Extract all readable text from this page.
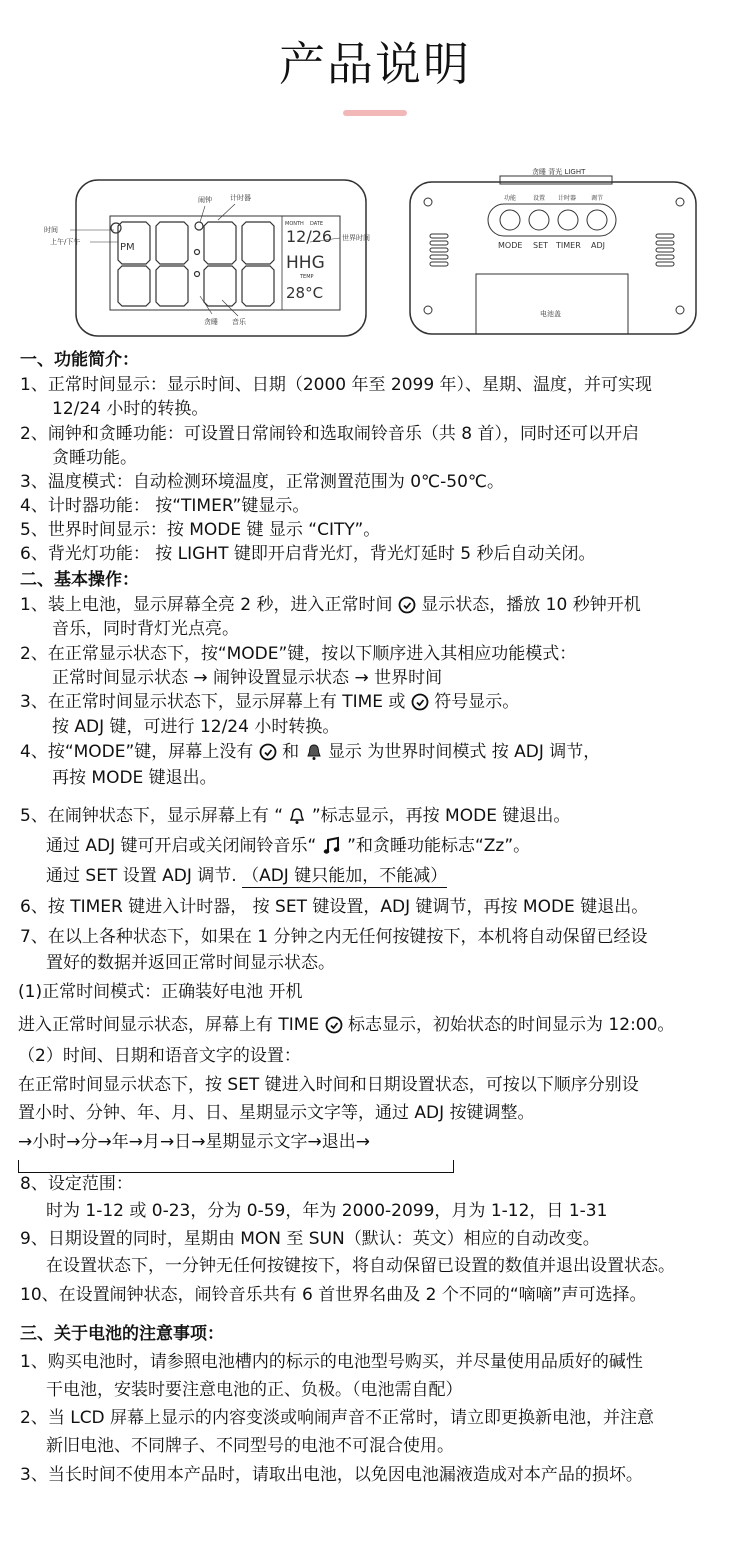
产品说明
PM
MONTH DATE
12/26
HHG
TEMP
28°C
闹钟	计时器
时间
上午/下午	世界时间
贪睡 音乐
贪睡 背光 LIGHT
功能	设置 计时器 调节
MODE SET TIMER ADJ
电池盖
一、功能简介：
1、正常时间显示：显示时间、日期（2000 年至 2099 年）、星期、温度，并可实现
12/24 小时的转换。
2、闹钟和贪睡功能：可设置日常闹铃和选取闹铃音乐（共 8 首），同时还可以开启
贪睡功能。
3、温度模式：自动检测环境温度，正常测置范围为 0℃-50℃。
4、计时器功能： 按“TIMER”键显示。
5、世界时间显示：按 MODE 键 显示 “CITY”。
6、背光灯功能： 按 LIGHT 键即开启背光灯，背光灯延时 5 秒后自动关闭。
二、基本操作：
1、装上电池，显示屏幕全亮 2 秒，进入正常时间 显示状态，播放 10 秒钟开机
音乐，同时背灯光点亮。
2、在正常显示状态下，按“MODE”键，按以下顺序进入其相应功能模式：
正常时间显示状态 → 闹钟设置显示状态 → 世界时间
3、在正常时间显示状态下，显示屏幕上有 TIME 或 符号显示。
按 ADJ 键，可进行 12/24 小时转换。
4、按“MODE”键，屏幕上没有 和 显示 为世界时间模式 按 ADJ 调节，
再按 MODE 键退出。
5、在闹钟状态下，显示屏幕上有 “ ”标志显示，再按 MODE 键退出。
通过 ADJ 键可开启或关闭闹铃音乐“ ”和贪睡功能标志“Zz”。
通过 SET 设置 ADJ 调节. （ADJ 键只能加，不能减）
6、按 TIMER 键进入计时器， 按 SET 键设置，ADJ 键调节，再按 MODE 键退出。
7、在以上各种状态下，如果在 1 分钟之内无任何按键按下，本机将自动保留已经设
置好的数据并返回正常时间显示状态。
(1)正常时间模式：正确装好电池 开机
进入正常时间显示状态，屏幕上有 TIME 标志显示，初始状态的时间显示为 12:00。
（2）时间、日期和语音文字的设置：
在正常时间显示状态下，按 SET 键进入时间和日期设置状态，可按以下顺序分别设
置小时、分钟、年、月、日、星期显示文字等，通过 ADJ 按键调整。
→小时→分→年→月→日→星期显示文字→退出→
8、设定范围：
时为 1-12 或 0-23，分为 0-59，年为 2000-2099，月为 1-12，日 1-31
9、日期设置的同时，星期由 MON 至 SUN（默认：英文）相应的自动改变。
在设置状态下，一分钟无任何按键按下，将自动保留已设置的数值并退出设置状态。
10、在设置闹钟状态，闹铃音乐共有 6 首世界名曲及 2 个不同的“嘀嘀”声可选择。
三、关于电池的注意事项：
1、购买电池时，请参照电池槽内的标示的电池型号购买，并尽量使用品质好的碱性
干电池，安装时要注意电池的正、负极。（电池需自配）
2、当 LCD 屏幕上显示的内容变淡或响闹声音不正常时，请立即更换新电池，并注意
新旧电池、不同牌子、不同型号的电池不可混合使用。
3、当长时间不使用本产品时，请取出电池，以免因电池漏液造成对本产品的损坏。
